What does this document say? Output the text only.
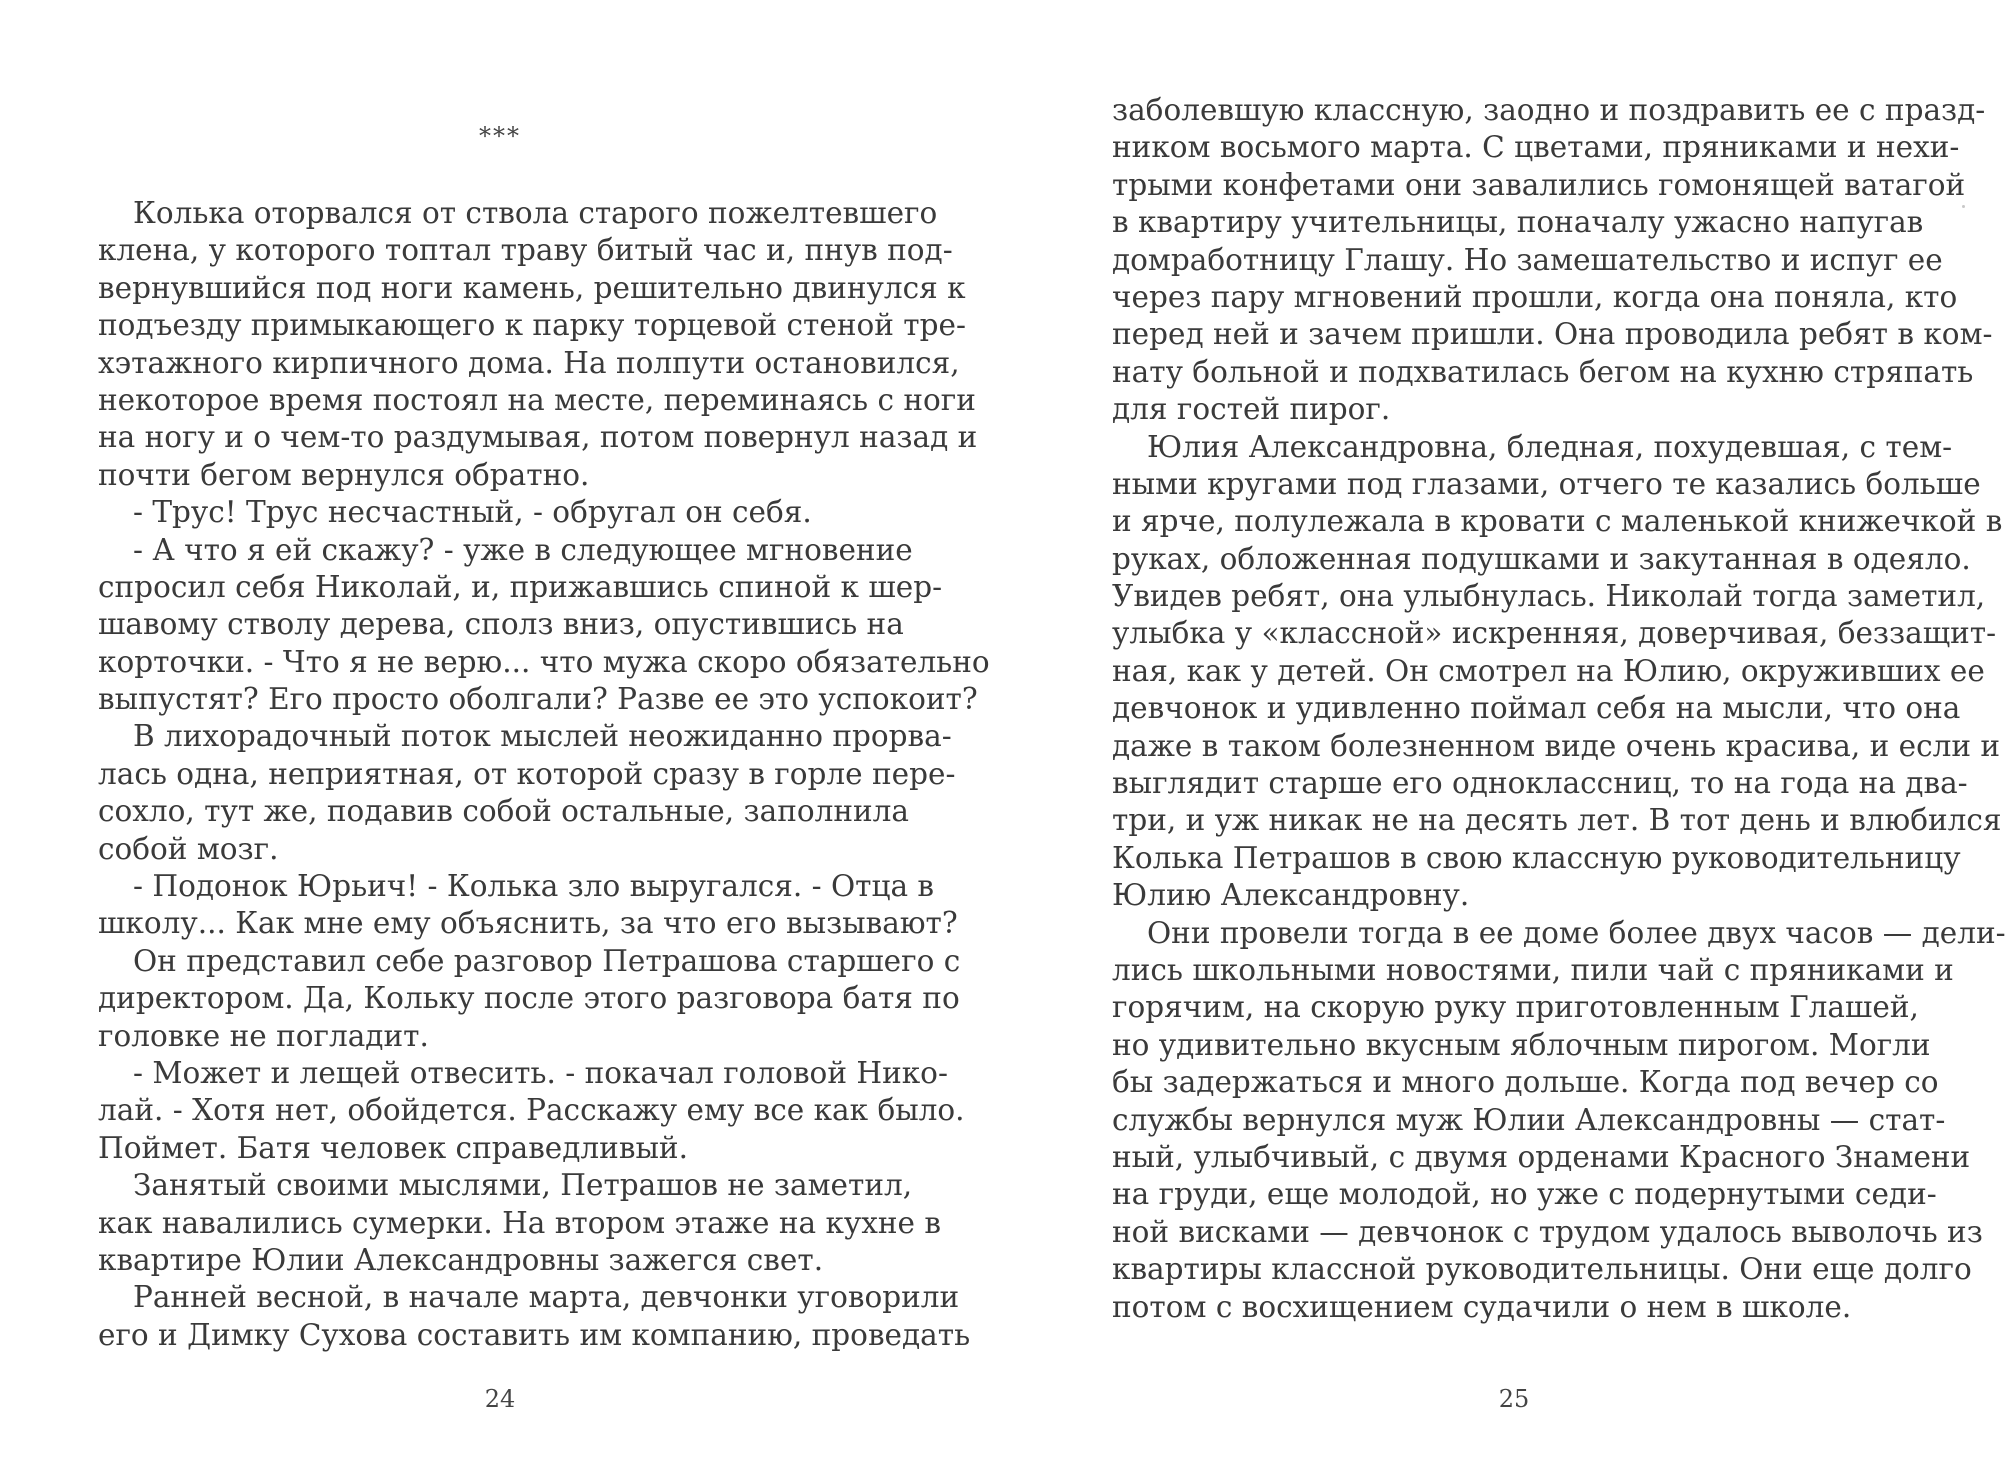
***
Колька оторвался от ствола старого пожелтевшего
клена, у которого топтал траву битый час и, пнув под-
вернувшийся под ноги камень, решительно двинулся к
подъезду примыкающего к парку торцевой стеной тре-
хэтажного кирпичного дома. На полпути остановился,
некоторое время постоял на месте, переминаясь с ноги
на ногу и о чем-то раздумывая, потом повернул назад и
почти бегом вернулся обратно.
- Трус! Трус несчастный, - обругал он себя.
- А что я ей скажу? - уже в следующее мгновение
спросил себя Николай, и, прижавшись спиной к шер-
шавому стволу дерева, сполз вниз, опустившись на
корточки. - Что я не верю... что мужа скоро обязательно
выпустят? Его просто оболгали? Разве ее это успокоит?
В лихорадочный поток мыслей неожиданно прорва-
лась одна, неприятная, от которой сразу в горле пере-
сохло, тут же, подавив собой остальные, заполнила
собой мозг.
- Подонок Юрьич! - Колька зло выругался. - Отца в
школу... Как мне ему объяснить, за что его вызывают?
Он представил себе разговор Петрашова старшего с
директором. Да, Кольку после этого разговора батя по
головке не погладит.
- Может и лещей отвесить. - покачал головой Нико-
лай. - Хотя нет, обойдется. Расскажу ему все как было.
Поймет. Батя человек справедливый.
Занятый своими мыслями, Петрашов не заметил,
как навалились сумерки. На втором этаже на кухне в
квартире Юлии Александровны зажегся свет.
Ранней весной, в начале марта, девчонки уговорили
его и Димку Сухова составить им компанию, проведать
24
заболевшую классную, заодно и поздравить ее с празд-
ником восьмого марта. С цветами, пряниками и нехи-
трыми конфетами они завалились гомонящей ватагой
в квартиру учительницы, поначалу ужасно напугав
домработницу Глашу. Но замешательство и испуг ее
через пару мгновений прошли, когда она поняла, кто
перед ней и зачем пришли. Она проводила ребят в ком-
нату больной и подхватилась бегом на кухню стряпать
для гостей пирог.
Юлия Александровна, бледная, похудевшая, с тем-
ными кругами под глазами, отчего те казались больше
и ярче, полулежала в кровати с маленькой книжечкой в
руках, обложенная подушками и закутанная в одеяло.
Увидев ребят, она улыбнулась. Николай тогда заметил,
улыбка у «классной» искренняя, доверчивая, беззащит-
ная, как у детей. Он смотрел на Юлию, окруживших ее
девчонок и удивленно поймал себя на мысли, что она
даже в таком болезненном виде очень красива, и если и
выглядит старше его одноклассниц, то на года на два-
три, и уж никак не на десять лет. В тот день и влюбился
Колька Петрашов в свою классную руководительницу
Юлию Александровну.
Они провели тогда в ее доме более двух часов — дели-
лись школьными новостями, пили чай с пряниками и
горячим, на скорую руку приготовленным Глашей,
но удивительно вкусным яблочным пирогом. Могли
бы задержаться и много дольше. Когда под вечер со
службы вернулся муж Юлии Александровны — стат-
ный, улыбчивый, с двумя орденами Красного Знамени
на груди, еще молодой, но уже с подернутыми седи-
ной висками — девчонок с трудом удалось выволочь из
квартиры классной руководительницы. Они еще долго
потом с восхищением судачили о нем в школе.
25
